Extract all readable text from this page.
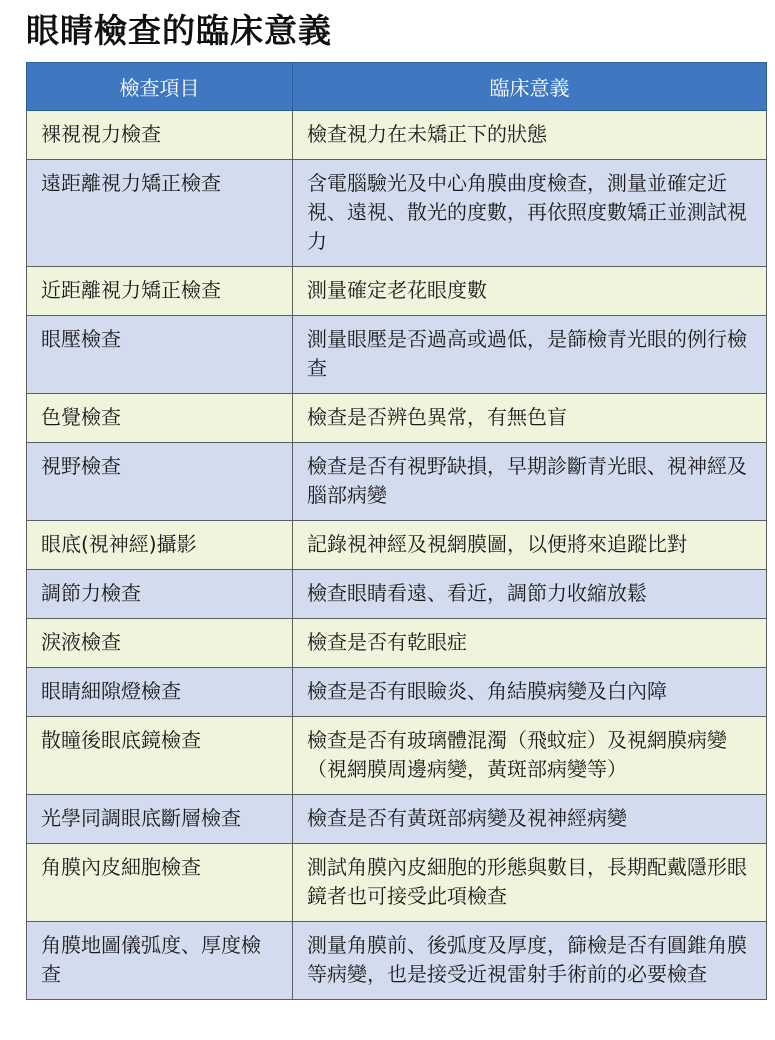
眼睛檢查的臨床意義
檢查項目	臨床意義
裸視視力檢查	檢查視力在未矯正下的狀態
遠距離視力矯正檢查	含電腦驗光及中心角膜曲度檢查，測量並確定近視、遠視、散光的度數，再依照度數矯正並測試視力
近距離視力矯正檢查	測量確定老花眼度數
眼壓檢查	測量眼壓是否過高或過低，是篩檢青光眼的例行檢查
色覺檢查	檢查是否辨色異常，有無色盲
視野檢查	檢查是否有視野缺損，早期診斷青光眼、視神經及腦部病變
眼底(視神經)攝影	記錄視神經及視網膜圖，以便將來追蹤比對
調節力檢查	檢查眼睛看遠、看近，調節力收縮放鬆
淚液檢查	檢查是否有乾眼症
眼睛細隙燈檢查	檢查是否有眼瞼炎、角結膜病變及白內障
散瞳後眼底鏡檢查	檢查是否有玻璃體混濁（飛蚊症）及視網膜病變（視網膜周邊病變，黃斑部病變等）
光學同調眼底斷層檢查	檢查是否有黃斑部病變及視神經病變
角膜內皮細胞檢查	測試角膜內皮細胞的形態與數目，長期配戴隱形眼鏡者也可接受此項檢查
角膜地圖儀弧度、厚度檢查	測量角膜前、後弧度及厚度，篩檢是否有圓錐角膜等病變，也是接受近視雷射手術前的必要檢查
